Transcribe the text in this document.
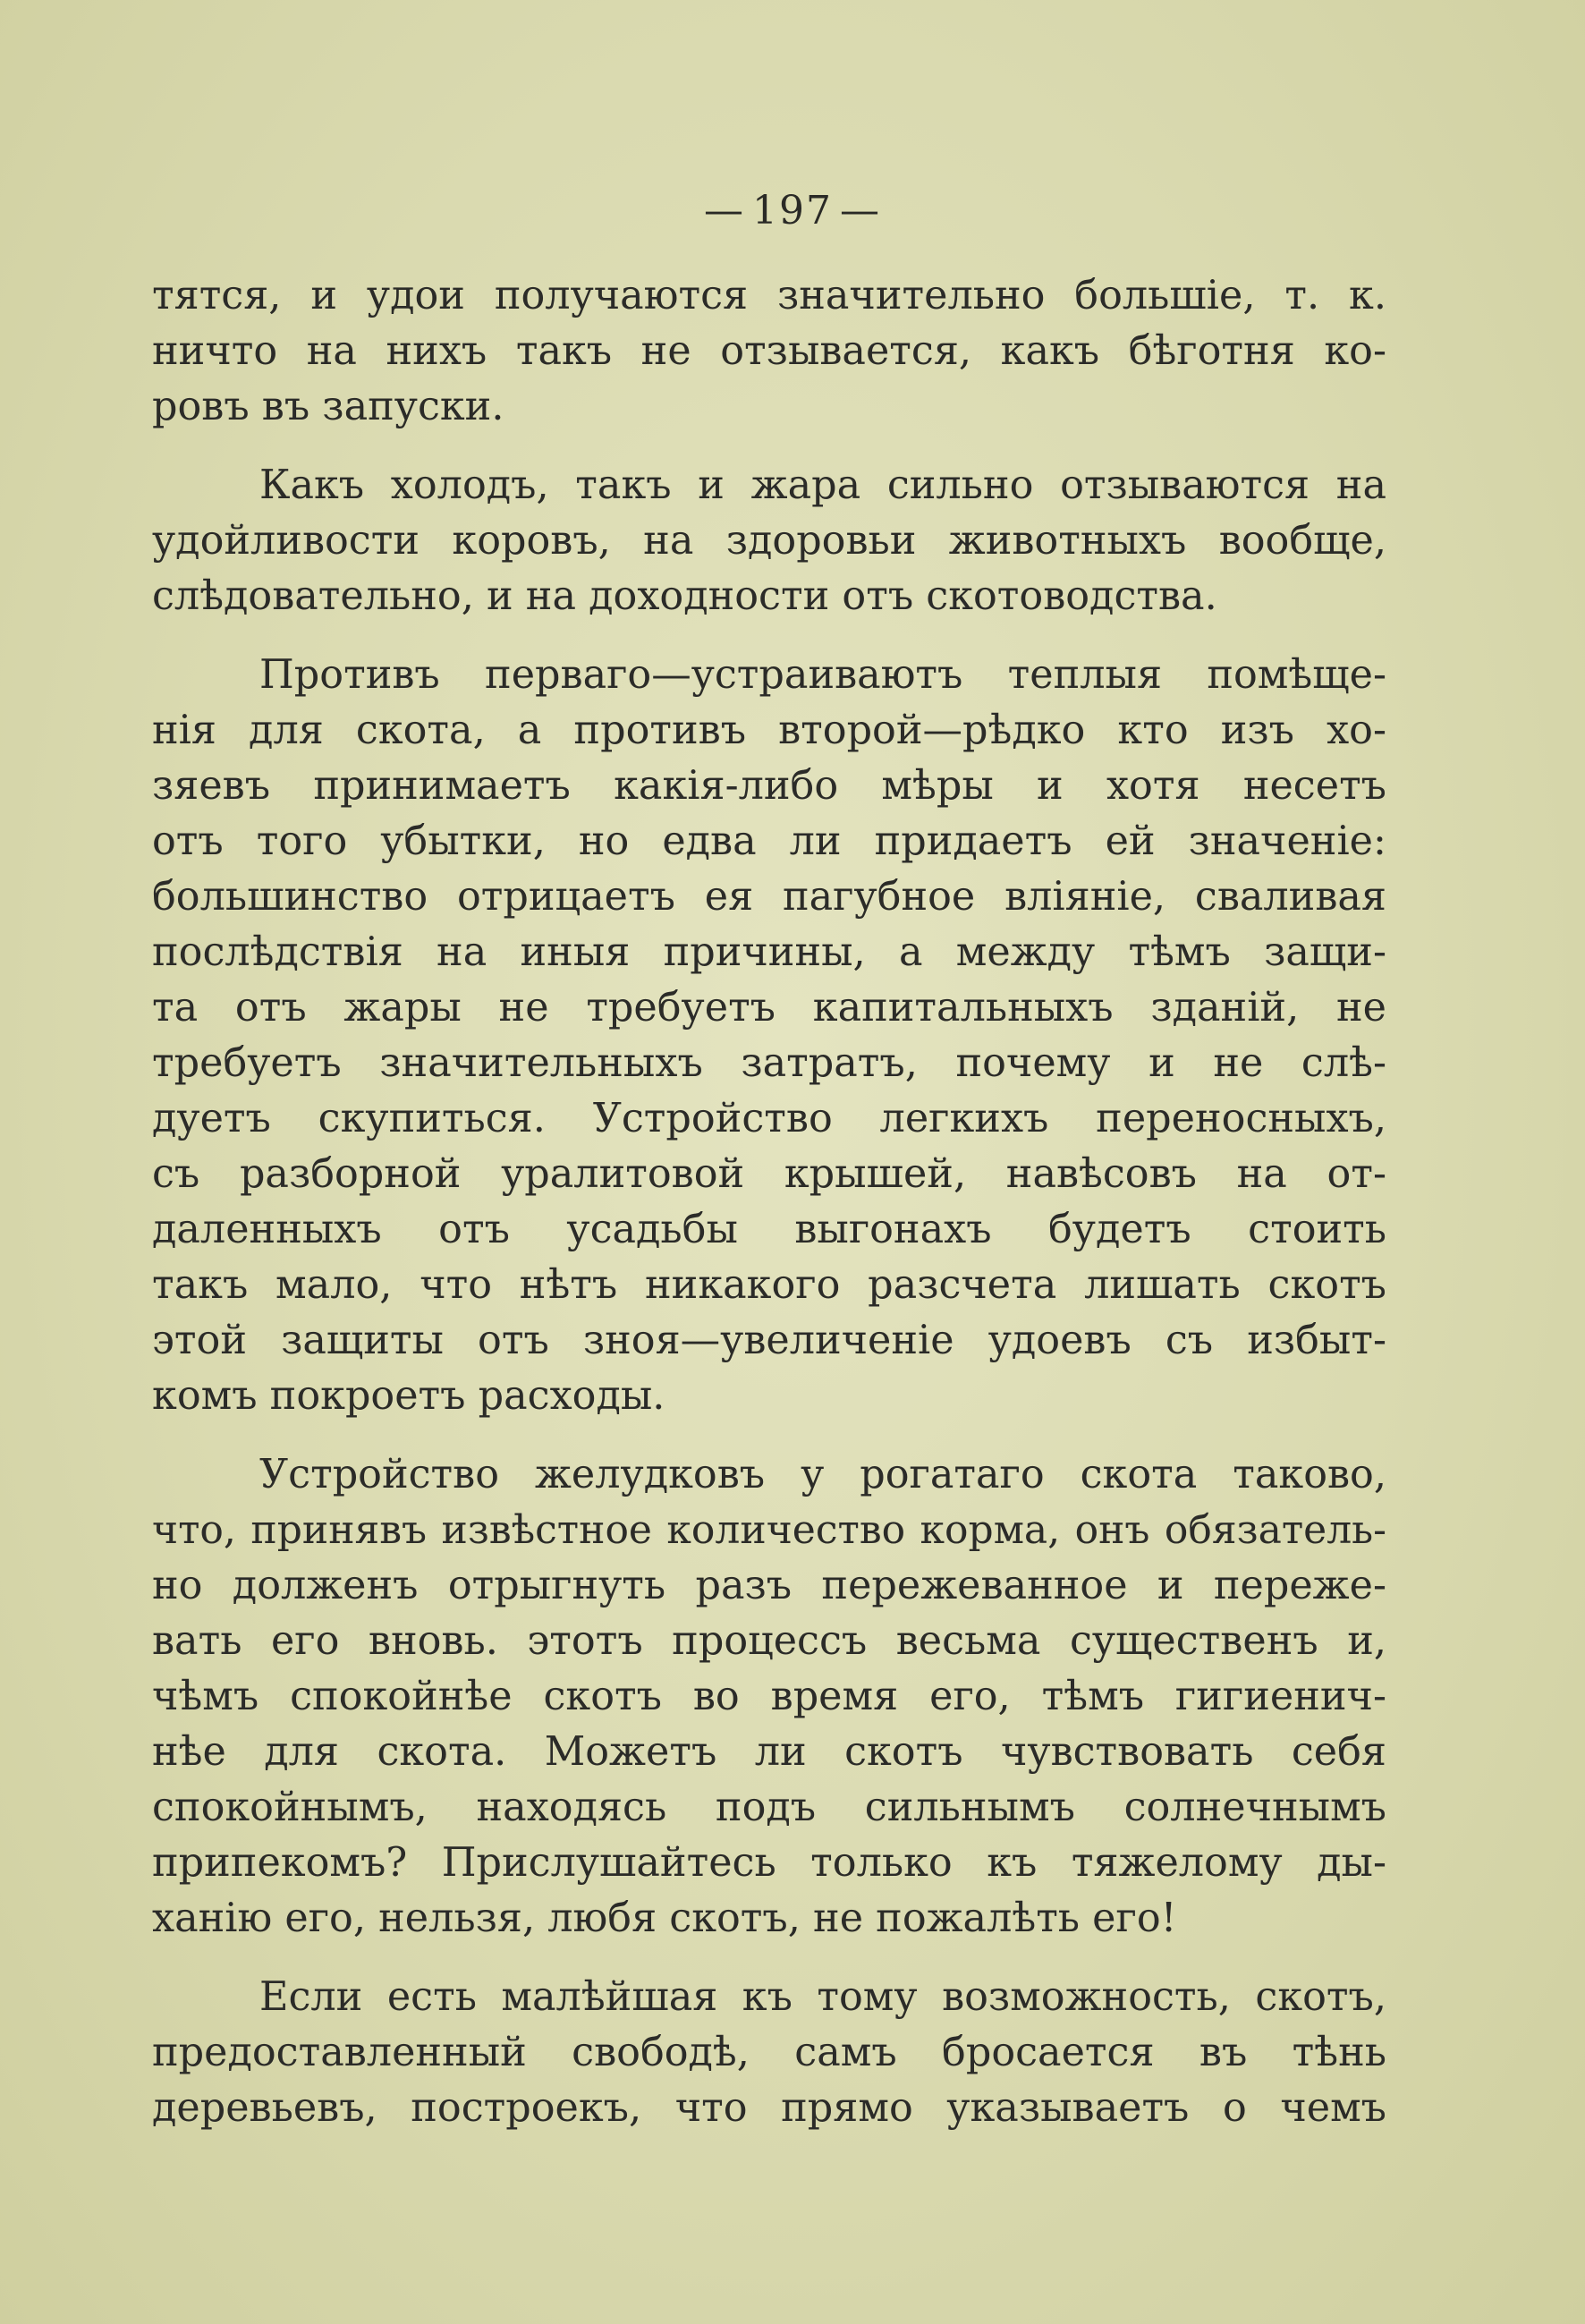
— 197 —
тятся, и удои получаются значительно большіе, т. к.
ничто на нихъ такъ не отзывается, какъ бѣготня ко-
ровъ въ запуски.
Какъ холодъ, такъ и жара сильно отзываются на
удойливости коровъ, на здоровьи животныхъ вообще,
слѣдовательно, и на доходности отъ скотоводства.
Противъ перваго—устраиваютъ теплыя помѣще-
нія для скота, а противъ второй—рѣдко кто изъ хо-
зяевъ принимаетъ какія-либо мѣры и хотя несетъ
отъ того убытки, но едва ли придаетъ ей значеніе:
большинство отрицаетъ ея пагубное вліяніе, сваливая
послѣдствія на иныя причины, а между тѣмъ защи-
та отъ жары не требуетъ капитальныхъ зданій, не
требуетъ значительныхъ затратъ, почему и не слѣ-
дуетъ скупиться. Устройство легкихъ переносныхъ,
съ разборной уралитовой крышей, навѣсовъ на от-
даленныхъ отъ усадьбы выгонахъ будетъ стоить
такъ мало, что нѣтъ никакого разсчета лишать скотъ
этой защиты отъ зноя—увеличеніе удоевъ съ избыт-
комъ покроетъ расходы.
Устройство желудковъ у рогатаго скота таково,
что, принявъ извѣстное количество корма, онъ обязатель-
но долженъ отрыгнуть разъ пережеванное и переже-
вать его вновь. этотъ процессъ весьма существенъ и,
чѣмъ спокойнѣе скотъ во время его, тѣмъ гигиенич-
нѣе для скота. Можетъ ли скотъ чувствовать себя
спокойнымъ, находясь подъ сильнымъ солнечнымъ
припекомъ? Прислушайтесь только къ тяжелому ды-
ханію его, нельзя, любя скотъ, не пожалѣть его!
Если есть малѣйшая къ тому возможность, скотъ,
предоставленный свободѣ, самъ бросается въ тѣнь
деревьевъ, построекъ, что прямо указываетъ о чемъ
